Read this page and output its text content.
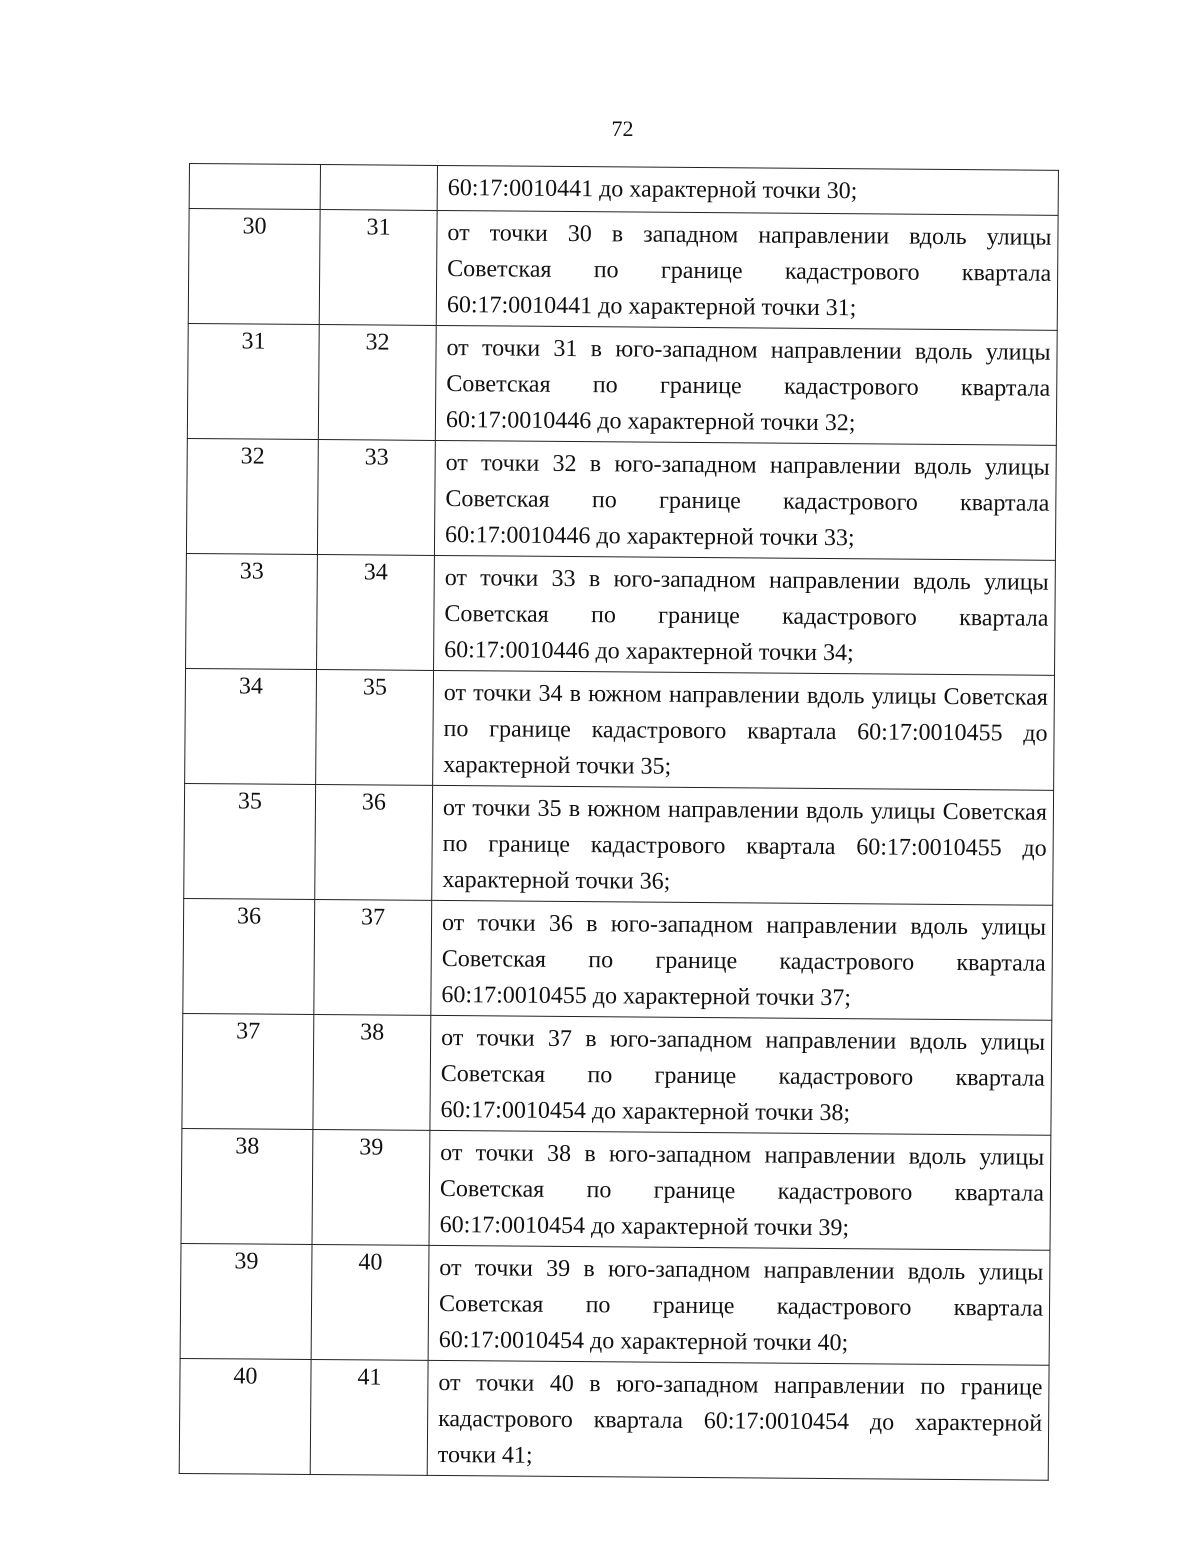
72
		60:17:0010441 до характерной точки 30;
30	31	от точки 30 в западном направлении вдоль улицы Советская по границе кадастрового квартала 60:17:0010441 до характерной точки 31;
31	32	от точки 31 в юго-западном направлении вдоль улицы Советская по границе кадастрового квартала 60:17:0010446 до характерной точки 32;
32	33	от точки 32 в юго-западном направлении вдоль улицы Советская по границе кадастрового квартала 60:17:0010446 до характерной точки 33;
33	34	от точки 33 в юго-западном направлении вдоль улицы Советская по границе кадастрового квартала 60:17:0010446 до характерной точки 34;
34	35	от точки 34 в южном направлении вдоль улицы Советская по границе кадастрового квартала 60:17:0010455 до характерной точки 35;
35	36	от точки 35 в южном направлении вдоль улицы Советская по границе кадастрового квартала 60:17:0010455 до характерной точки 36;
36	37	от точки 36 в юго-западном направлении вдоль улицы Советская по границе кадастрового квартала 60:17:0010455 до характерной точки 37;
37	38	от точки 37 в юго-западном направлении вдоль улицы Советская по границе кадастрового квартала 60:17:0010454 до характерной точки 38;
38	39	от точки 38 в юго-западном направлении вдоль улицы Советская по границе кадастрового квартала 60:17:0010454 до характерной точки 39;
39	40	от точки 39 в юго-западном направлении вдоль улицы Советская по границе кадастрового квартала 60:17:0010454 до характерной точки 40;
40	41	от точки 40 в юго-западном направлении по границе кадастрового квартала 60:17:0010454 до характерной точки 41;
